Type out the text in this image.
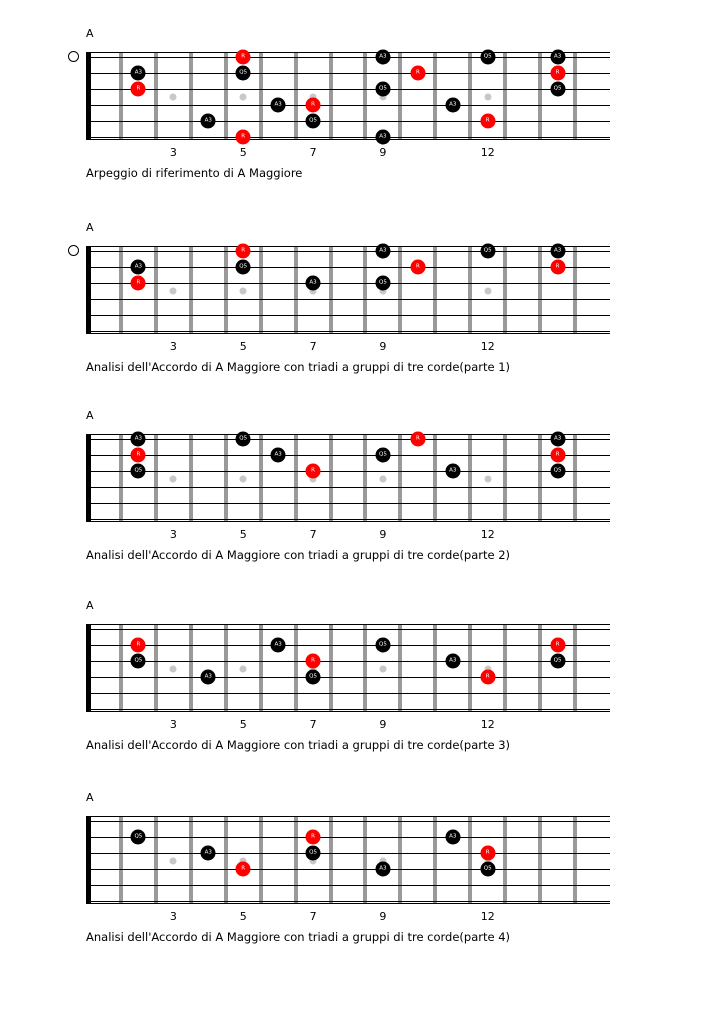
A
A3
R
A3
R
Q5
R
A3	R
Q5
A3
Q5
A3
R
A3
Q5
R
A3
R
Q5
3	5	7	9	12
Arpeggio di riferimento di A Maggiore
A
A3
R
R
Q5
A3
A3
Q5
R
Q5	A3
R
3	5	7	9	12
Analisi dell'Accordo di A Maggiore con triadi a gruppi di tre corde(parte 1)
A
A3
R
Q5
Q5
A3
R
Q5
R
A3
A3
R
Q5
3	5	7	9	12
Analisi dell'Accordo di A Maggiore con triadi a gruppi di tre corde(parte 2)
A
R
Q5
A3
A3
R
Q5
Q5
A3
R
R
Q5
3	5	7	9	12
Analisi dell'Accordo di A Maggiore con triadi a gruppi di tre corde(parte 3)
A
Q5
A3
R
R
Q5
A3
A3
R
Q5
3	5	7	9	12
Analisi dell'Accordo di A Maggiore con triadi a gruppi di tre corde(parte 4)
